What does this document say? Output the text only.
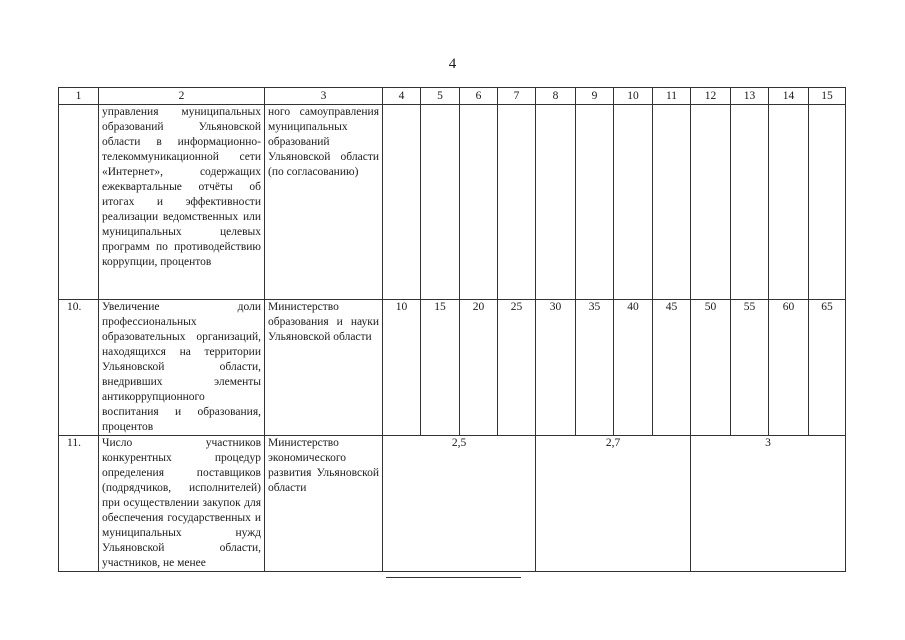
4
1	2	3	4	5	6	7	8	9	10	11	12	13	14	15
	управления муниципальных образований Ульяновской области в информационно-телекоммуникационной сети «Интернет», содержащих ежеквартальные отчёты об итогах и эффективности реализации ведомственных или муниципальных целевых программ по противодействию коррупции, процентов	ного самоуправления муниципальных образований Ульяновской области (по согласованию)												
10.	Увеличение доли профессиональных образовательных организаций, находящихся на территории Ульяновской области, внедривших элементы антикоррупционного воспитания и образования, процентов	Министерство образования и науки Ульяновской области	10	15	20	25	30	35	40	45	50	55	60	65
11.	Число участников конкурентных процедур определения поставщиков (подрядчиков, исполнителей) при осуществлении закупок для обеспечения государственных и муниципальных нужд Ульяновской области, участников, не менее	Министерство экономического развития Ульяновской области	2,5				2,7				3			
